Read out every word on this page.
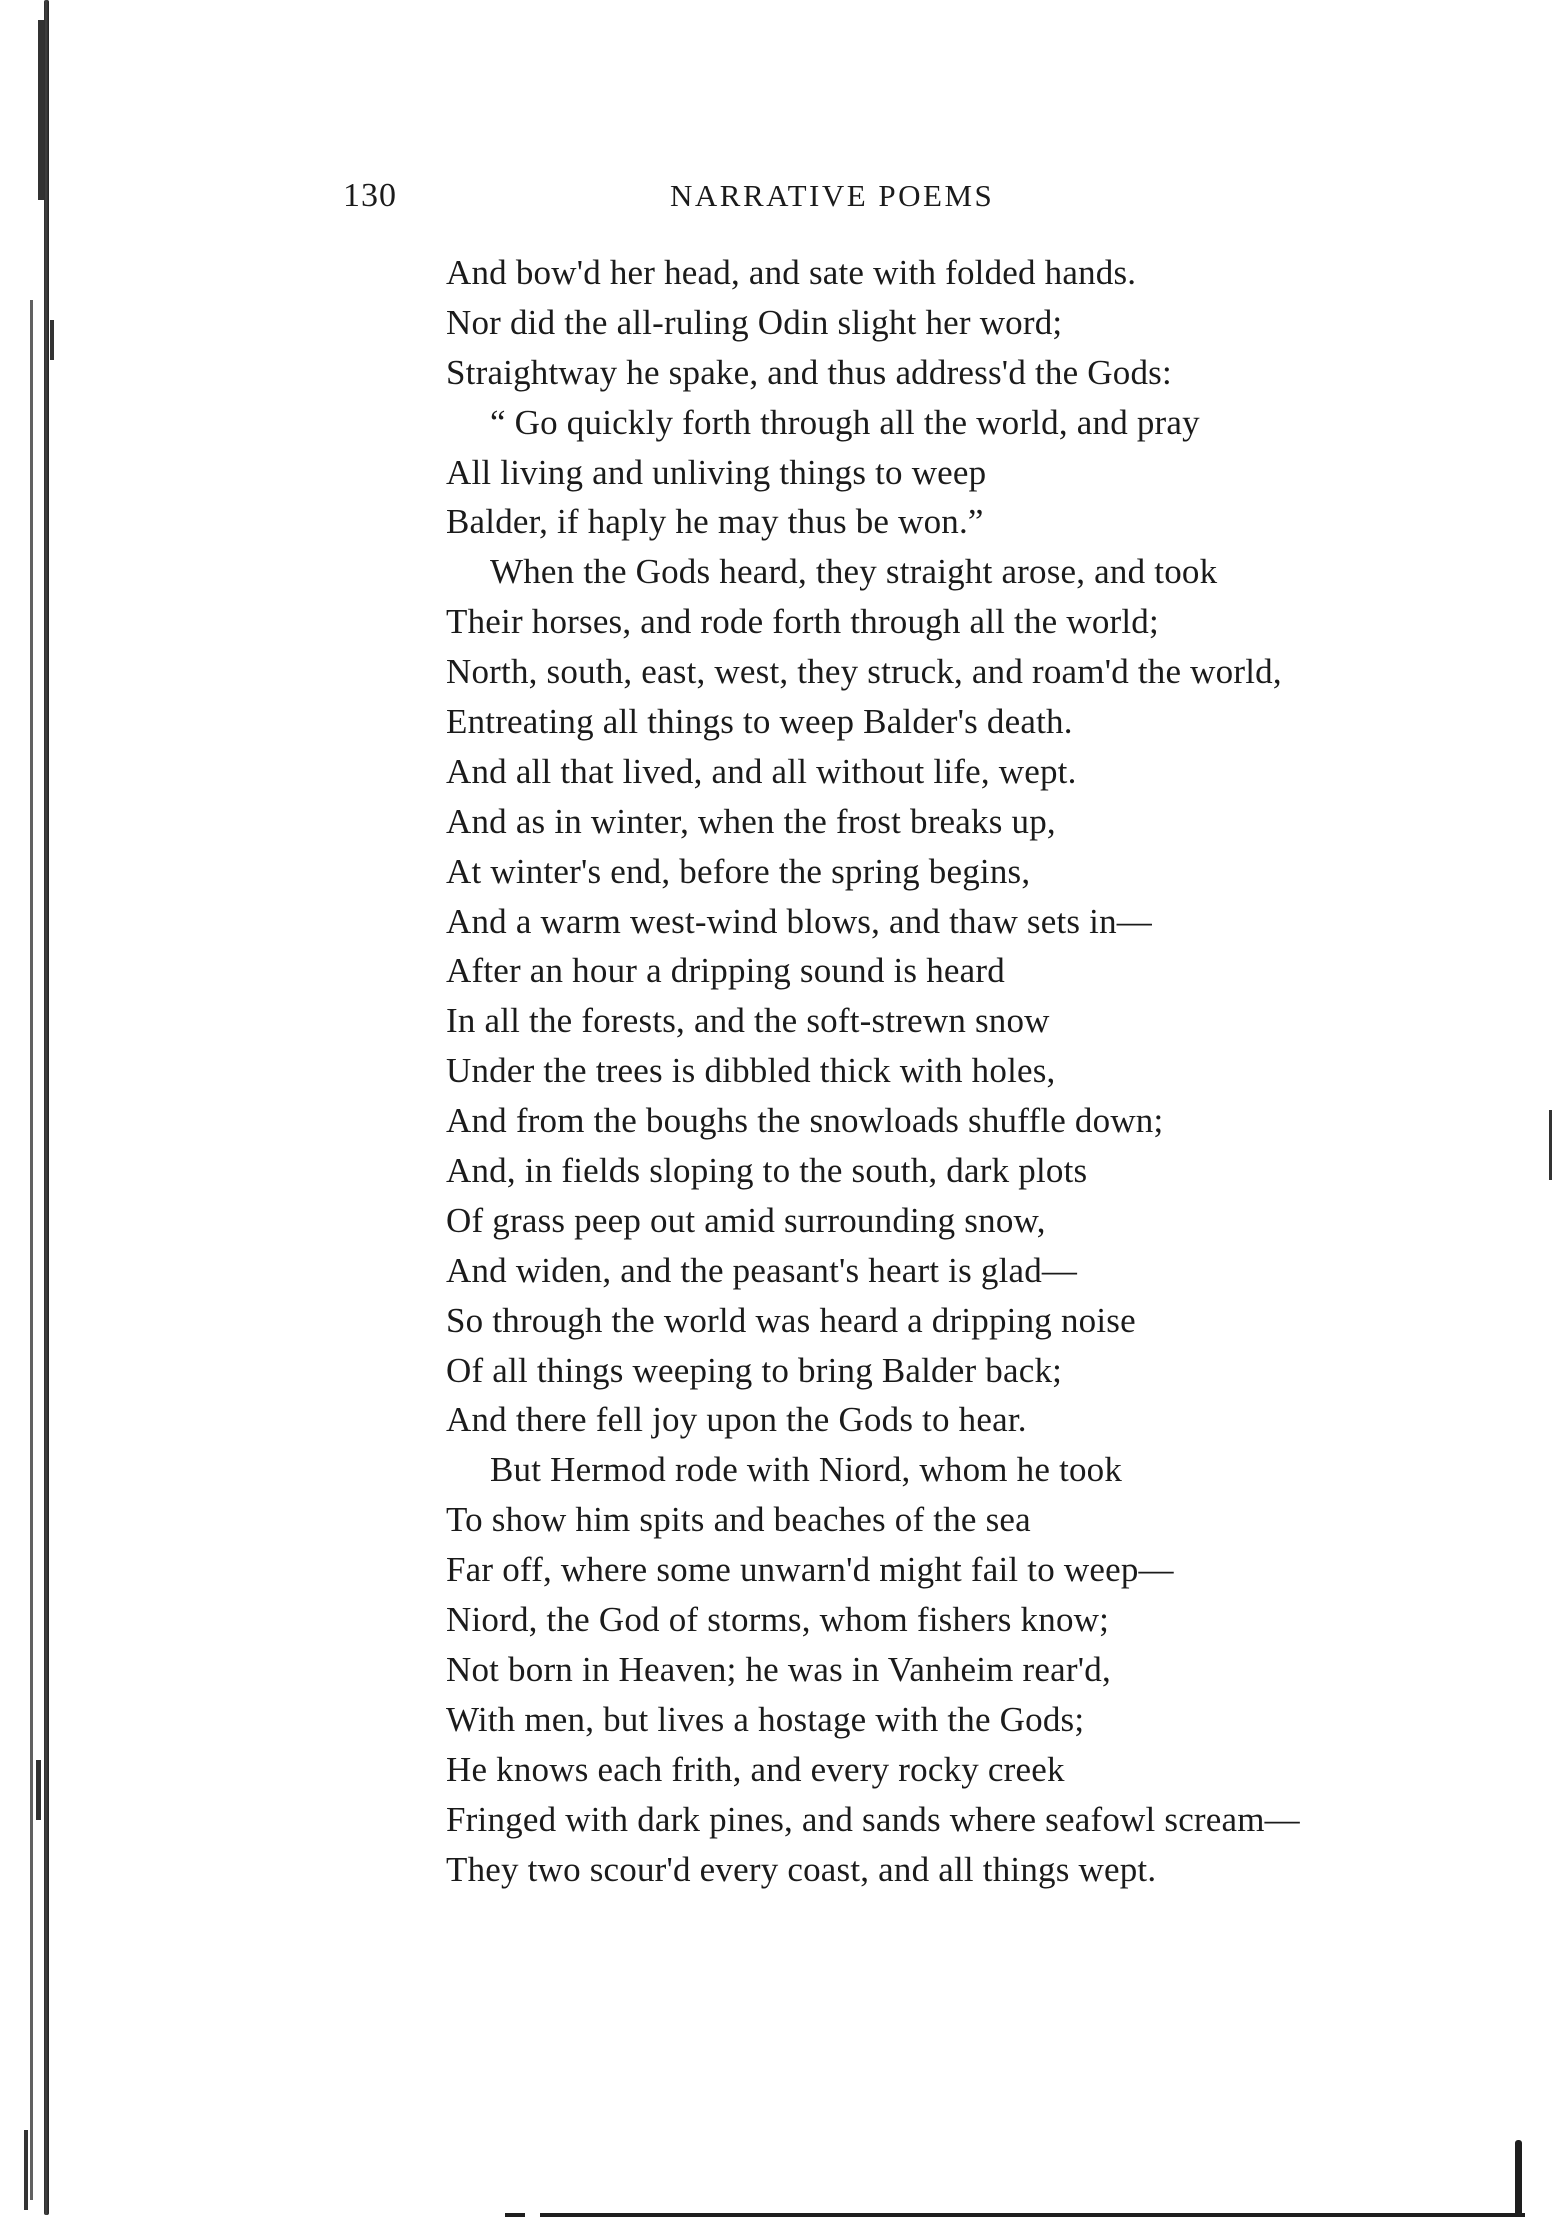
130	NARRATIVE POEMS

And bow'd her head, and sate with folded hands.
Nor did the all-ruling Odin slight her word;
Straightway he spake, and thus address'd the Gods:
“ Go quickly forth through all the world, and pray
All living and unliving things to weep
Balder, if haply he may thus be won.”
When the Gods heard, they straight arose, and took
Their horses, and rode forth through all the world;
North, south, east, west, they struck, and roam'd the world,
Entreating all things to weep Balder's death.
And all that lived, and all without life, wept.
And as in winter, when the frost breaks up,
At winter's end, before the spring begins,
And a warm west-wind blows, and thaw sets in—
After an hour a dripping sound is heard
In all the forests, and the soft-strewn snow
Under the trees is dibbled thick with holes,
And from the boughs the snowloads shuffle down;
And, in fields sloping to the south, dark plots
Of grass peep out amid surrounding snow,
And widen, and the peasant's heart is glad—
So through the world was heard a dripping noise
Of all things weeping to bring Balder back;
And there fell joy upon the Gods to hear.
But Hermod rode with Niord, whom he took
To show him spits and beaches of the sea
Far off, where some unwarn'd might fail to weep—
Niord, the God of storms, whom fishers know;
Not born in Heaven; he was in Vanheim rear'd,
With men, but lives a hostage with the Gods;
He knows each frith, and every rocky creek
Fringed with dark pines, and sands where seafowl scream—
They two scour'd every coast, and all things wept.
